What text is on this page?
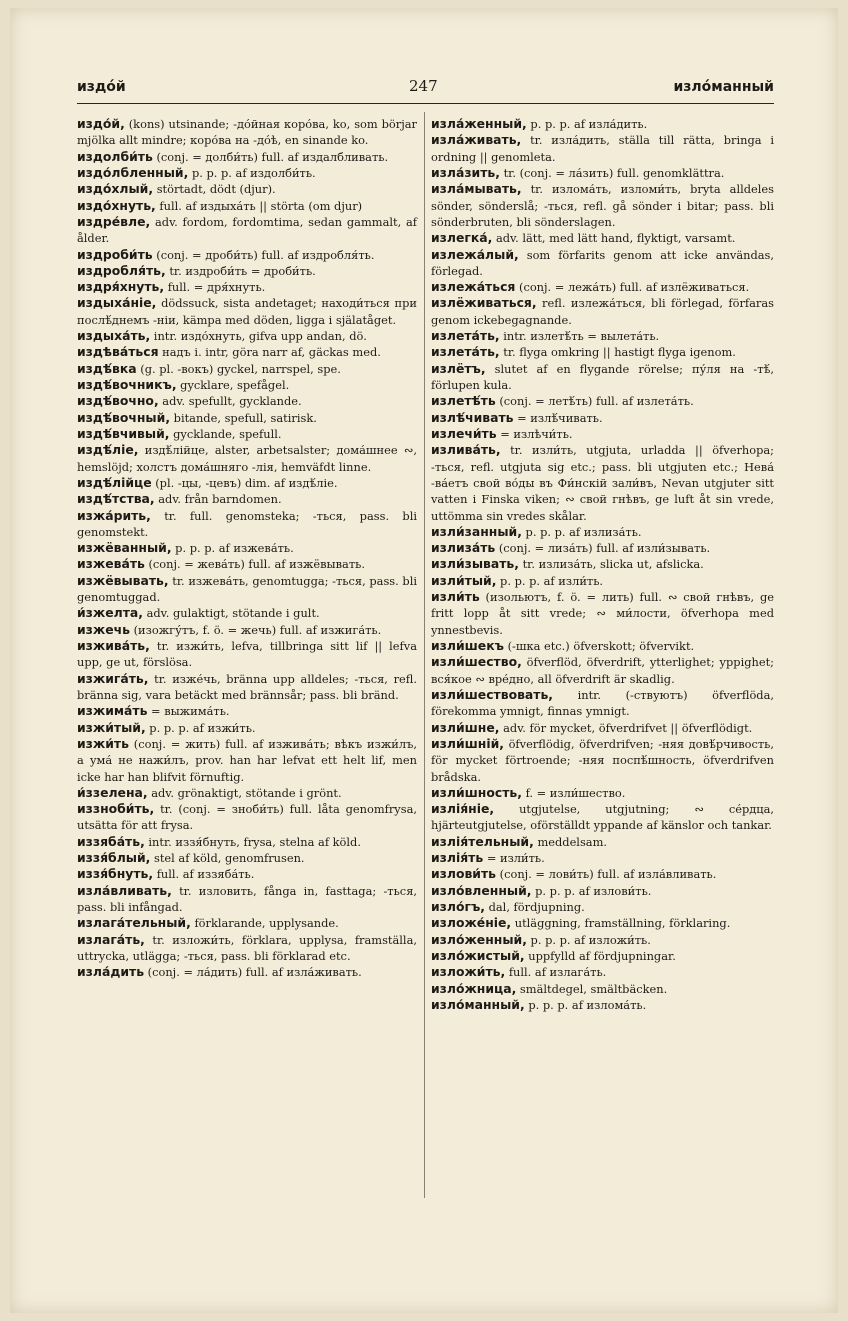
издо́й	247	изло́манный
издо́й, (kons) utsinande; -до́йная коро́ва, ko, som börjar mjölka allt mindre; коро́ва на -до́ѣ, en sinande ko.
издолби́ть (conj. = долби́ть) full. af издалбливать.
издо́лбленный, p. p. p. af издолби́ть.
издо́хлый, störtadt, dödt (djur).
издо́хнуть, full. af издыха́ть || störta (om djur)
издре́вле, adv. fordom, fordomtima, sedan gammalt, af ålder.
издроби́ть (conj. = дроби́ть) full. af издробля́ть.
издробля́ть, tr. издроби́ть = дроби́ть.
издря́хнуть, full. = дря́хнуть.
издыха́ніе, dödssuck, sista andetaget; находи́ться при послѣ́днемъ -ніи, kämpa med döden, ligga i själatåget.
издыха́ть, intr. издо́хнуть, gifva upp andan, dö.
издѣва́ться надъ i. intr, göra narr af, gäckas med.
издѣ́вка (g. pl. -вокъ) gyckel, narrspel, spe.
издѣ́вочникъ, gycklare, spefågel.
издѣ́вочно, adv. spefullt, gycklande.
издѣ́вочный, bitande, spefull, satirisk.
издѣ́вчивый, gycklande, spefull.
издѣ́ліе, издѣ́лійце, alster, arbetsalster; дома́шнее ∾, hemslöjd; холстъ дома́шняго -лія, hemväfdt linne.
издѣ́лійце (pl. -цы, -цевъ) dim. af издѣ́ліе.
издѣ́тства, adv. från barndomen.
изжа́рить, tr. full. genomsteka; -ться, pass. bli genomstekt.
изжёванный, p. p. p. af изжева́ть.
изжева́ть (conj. = жева́ть) full. af изжёвывать.
изжёвывать, tr. изжева́ть, genomtugga; -ться, pass. bli genomtuggad.
и́зжелта, adv. gulaktigt, stötande i gult.
изжечь (изожгу́тъ, f. ö. = жечь) full. af изжига́ть.
изжива́ть, tr. изжи́ть, lefva, tillbringa sitt lif || lefva upp, ge ut, förslösa.
изжига́ть, tr. изже́чь, bränna upp alldeles; -ться, refl. bränna sig, vara betäckt med brännsår; pass. bli bränd.
изжима́ть = выжима́ть.
изжи́тый, p. p. p. af изжи́ть.
изжи́ть (conj. = жить) full. af изжива́ть; вѣкъ изжи́лъ, а ума́ не нажи́лъ, prov. han har lefvat ett helt lif, men icke har han blifvit förnuftig.
и́ззелена, adv. grönaktigt, stötande i grönt.
иззноби́ть, tr. (conj. = зноби́ть) full. låta genomfrysa, utsätta för att frysa.
иззяба́ть, intr. иззя́бнуть, frysa, stelna af köld.
иззя́блый, stel af köld, genomfrusen.
иззя́бнуть, full. af иззяба́ть.
изла́вливать, tr. изловить, fånga in, fasttaga; -ться, pass. bli infångad.
излага́тельный, förklarande, upplysande.
излага́ть, tr. изложи́ть, förklara, upplysa, framställa, uttrycka, utlägga; -ться, pass. bli förklarad etc.
изла́дить (conj. = ла́дить) full. af изла́живать.
изла́женный, p. p. p. af изла́дить.
изла́живать, tr. изла́дить, ställa till rätta, bringa i ordning || genomleta.
изла́зить, tr. (conj. = ла́зить) full. genomklättra.
изла́мывать, tr. излома́ть, изломи́ть, bryta alldeles sönder, sönderslå; -ться, refl. gå sönder i bitar; pass. bli sönderbruten, bli sönderslagen.
излегка́, adv. lätt, med lätt hand, flyktigt, varsamt.
излежа́лый, som förfarits genom att icke användas, förlegad.
излежа́ться (conj. = лежа́ть) full. af излёживаться.
излёживаться, refl. излежа́ться, bli förlegad, förfaras genom ickebegagnande.
излета́ть, intr. излетѣ́ть = вылета́ть.
излета́ть, tr. flyga omkring || hastigt flyga igenom.
излётъ, slutet af en flygande rörelse; пу́ля на -тѣ́, förlupen kula.
излетѣ́ть (conj. = летѣ́ть) full. af излета́ть.
излѣ́чивать = излѣ́чивать.
излечи́ть = излѣчи́ть.
излива́ть, tr. изли́ть, utgjuta, urladda || öfverhopa; -ться, refl. utgjuta sig etc.; pass. bli utgjuten etc.; Нева́ -ва́етъ свой во́ды въ Фи́нскій зали́въ, Nevan utgjuter sitt vatten i Finska viken; ∾ свой гнѣвъ, ge luft åt sin vrede, uttömma sin vredes skålar.
изли́занный, p. p. p. af излиза́ть.
излиза́ть (conj. = лиза́ть) full. af изли́зывать.
изли́зывать, tr. излиза́ть, slicka ut, afslicka.
изли́тый, p. p. p. af изли́ть.
изли́ть (изольютъ, f. ö. = лить) full. ∾ свой гнѣвъ, ge fritt lopp åt sitt vrede; ∾ ми́лости, öfverhopa med ynnestbevis.
изли́шекъ (-шка etc.) öfverskott; öfvervikt.
изли́шество, öfverflöd, öfverdrift, ytterlighet; yppighet; вся́кое ∾ вре́дно, all öfverdrift är skadlig.
изли́шествовать, intr. (-ствуютъ) öfverflöda, förekomma ymnigt, finnas ymnigt.
изли́шне, adv. för mycket, öfverdrifvet || öfverflödigt.
изли́шній, öfverflödig, öfverdrifven; -няя довѣ́рчивость, för mycket förtroende; -няя поспѣ́шность, öfverdrifven brådska.
изли́шность, f. = изли́шество.
излія́ніе, utgjutelse, utgjutning; ∾ се́рдца, hjärteutgjutelse, oförställdt yppande af känslor och tankar.
излія́тельный, meddelsam.
излія́ть = изли́ть.
излови́ть (conj. = лови́ть) full. af изла́вливать.
изло́вленный, p. p. p. af излови́ть.
изло́гъ, dal, fördjupning.
изложе́ніе, utläggning, framställning, förklaring.
изло́женный, p. p. p. af изложи́ть.
изло́жистый, uppfylld af fördjupningar.
изложи́ть, full. af излага́ть.
изло́жница, smältdegel, smältbäcken.
изло́манный, p. p. p. af излома́ть.
